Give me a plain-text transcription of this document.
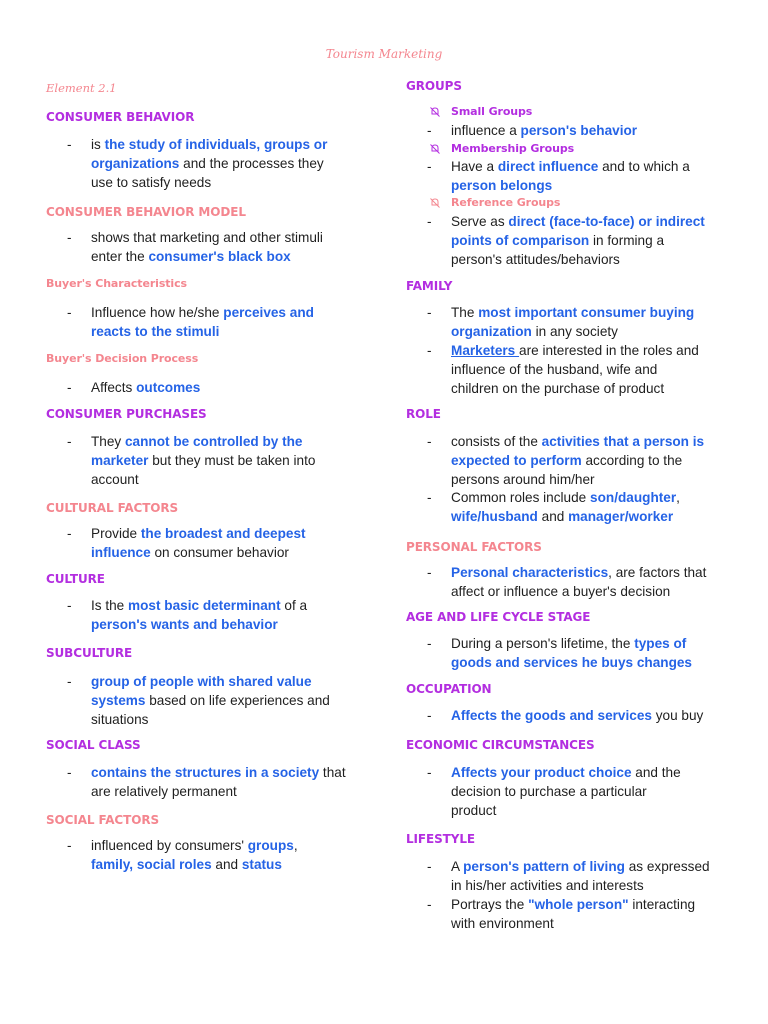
Tourism Marketing
Element 2.1
CONSUMER BEHAVIOR
- is the study of individuals, groups or
organizations and the processes they
use to satisfy needs
CONSUMER BEHAVIOR MODEL
- shows that marketing and other stimuli
enter the consumer's black box
Buyer's Characteristics
- Influence how he/she perceives and
reacts to the stimuli
Buyer's Decision Process
- Affects outcomes
CONSUMER PURCHASES
- They cannot be controlled by the
marketer but they must be taken into
account
CULTURAL FACTORS
- Provide the broadest and deepest
influence on consumer behavior
CULTURE
- Is the most basic determinant of a
person's wants and behavior
SUBCULTURE
- group of people with shared value
systems based on life experiences and
situations
SOCIAL CLASS
- contains the structures in a society that
are relatively permanent
SOCIAL FACTORS
- influenced by consumers' groups,
family, social roles and status
GROUPS
Small Groups
- influence a person's behavior
Membership Groups
- Have a direct influence and to which a
person belongs
Reference Groups
- Serve as direct (face-to-face) or indirect
points of comparison in forming a
person's attitudes/behaviors
FAMILY
- The most important consumer buying
organization in any society
- Marketers are interested in the roles and
influence of the husband, wife and
children on the purchase of product
ROLE
- consists of the activities that a person is
expected to perform according to the
persons around him/her
- Common roles include son/daughter,
wife/husband and manager/worker
PERSONAL FACTORS
- Personal characteristics, are factors that
affect or influence a buyer's decision
AGE AND LIFE CYCLE STAGE
- During a person's lifetime, the types of
goods and services he buys changes
OCCUPATION
- Affects the goods and services you buy
ECONOMIC CIRCUMSTANCES
- Affects your product choice and the
decision to purchase a particular
product
LIFESTYLE
- A person's pattern of living as expressed
in his/her activities and interests
- Portrays the "whole person" interacting
with environment
